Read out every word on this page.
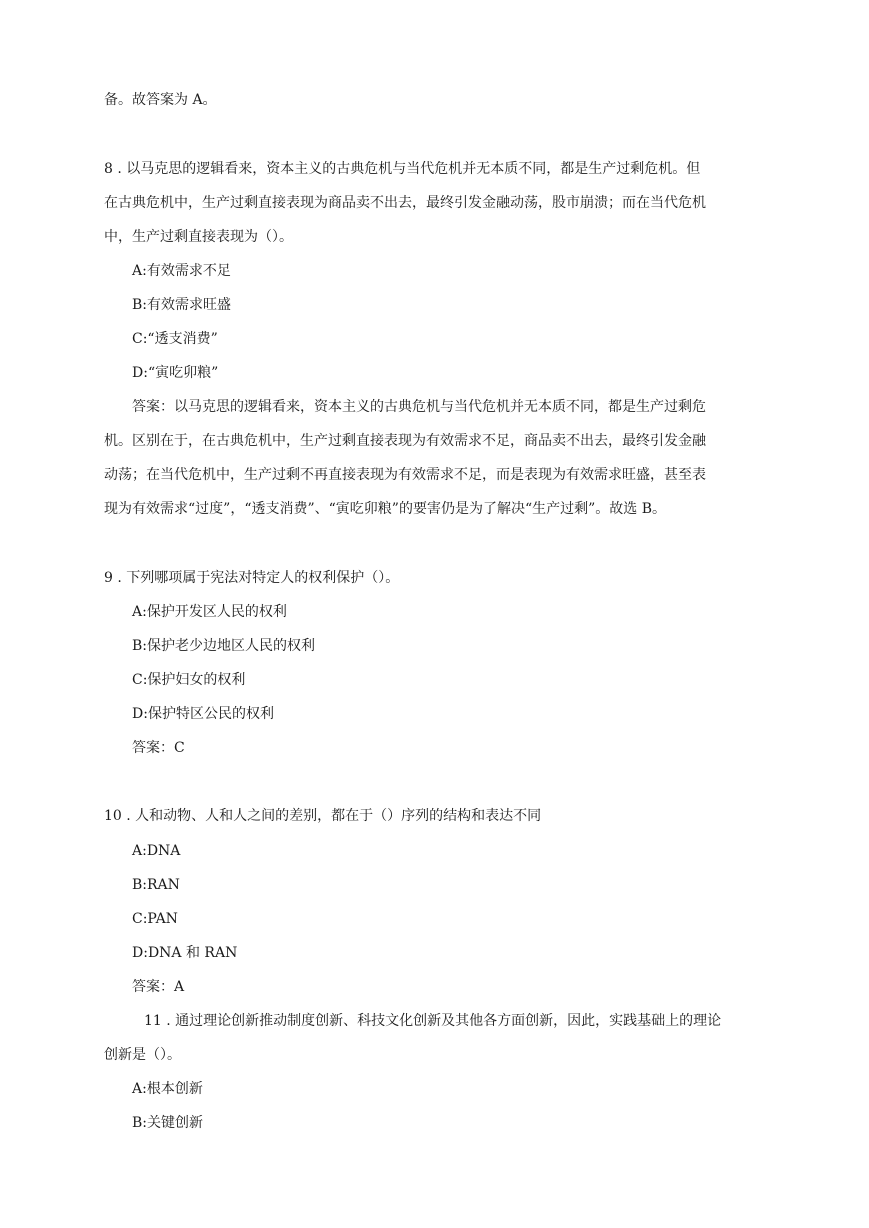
备。故答案为 A。
8 . 以马克思的逻辑看来，资本主义的古典危机与当代危机并无本质不同，都是生产过剩危机。但
在古典危机中，生产过剩直接表现为商品卖不出去，最终引发金融动荡，股市崩溃；而在当代危机
中，生产过剩直接表现为（）。
A:有效需求不足
B:有效需求旺盛
C:“透支消费”
D:“寅吃卯粮”
答案：以马克思的逻辑看来，资本主义的古典危机与当代危机并无本质不同，都是生产过剩危
机。区别在于，在古典危机中，生产过剩直接表现为有效需求不足，商品卖不出去，最终引发金融
动荡；在当代危机中，生产过剩不再直接表现为有效需求不足，而是表现为有效需求旺盛，甚至表
现为有效需求“过度”，“透支消费”、“寅吃卯粮”的要害仍是为了解决“生产过剩”。故选 B。
9 . 下列哪项属于宪法对特定人的权利保护（）。
A:保护开发区人民的权利
B:保护老少边地区人民的权利
C:保护妇女的权利
D:保护特区公民的权利
答案：C
10 . 人和动物、人和人之间的差别，都在于（）序列的结构和表达不同
A:DNA
B:RAN
C:PAN
D:DNA 和 RAN
答案：A
11 . 通过理论创新推动制度创新、科技文化创新及其他各方面创新，因此，实践基础上的理论
创新是（）。
A:根本创新
B:关键创新
